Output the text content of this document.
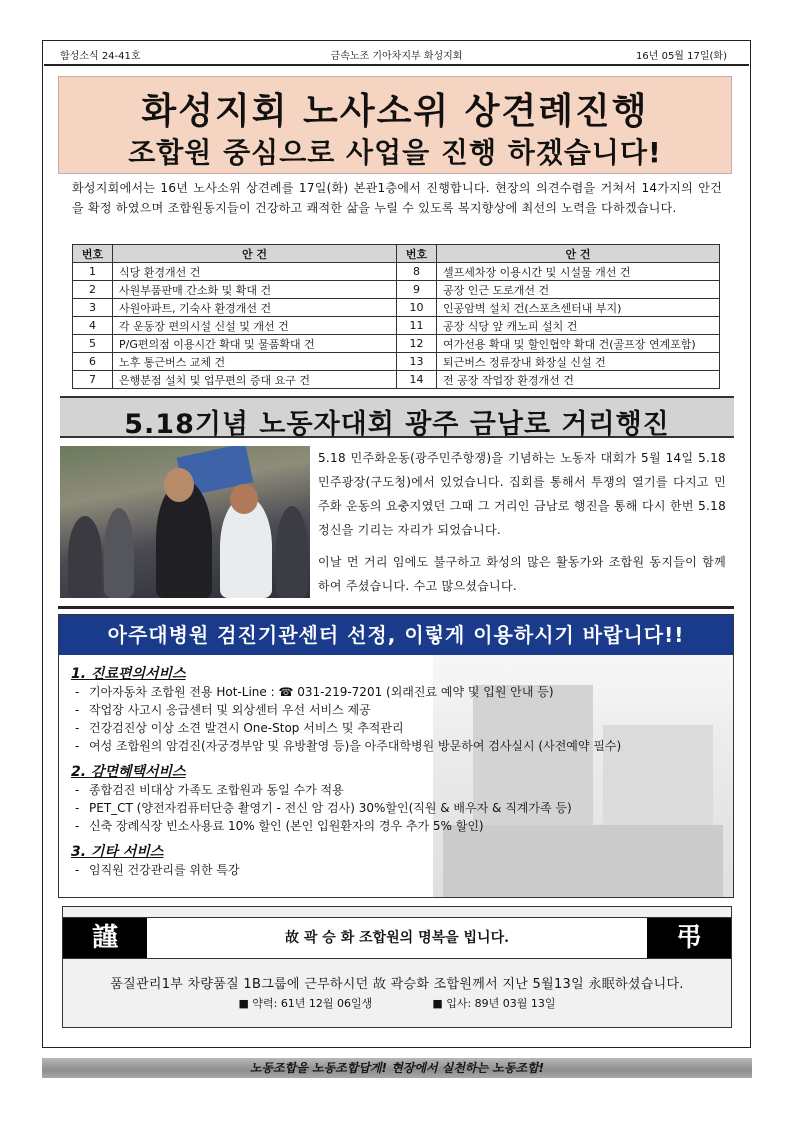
함성소식 24-41호	금속노조 기아차지부 화성지회	16년 05월 17일(화)
화성지회 노사소위 상견례진행
조합원 중심으로 사업을 진행 하겠습니다!

화성지회에서는 16년 노사소위 상견례를 17일(화) 본관1층에서 진행합니다. 현장의 의견수렴을 거쳐서 14가지의 안건을 확정 하였으며 조합원동지들이 건강하고 쾌적한 삶을 누릴 수 있도록 복지향상에 최선의 노력을 다하겠습니다.

번호	안 건	번호	안 건
1	식당 환경개선 건	8	셀프세차장 이용시간 및 시설물 개선 건
2	사원부품판매 간소화 및 확대 건	9	공장 인근 도로개선 건
3	사원아파트, 기숙사 환경개선 건	10	인공암벽 설치 건(스포츠센터내 부지)
4	각 운동장 편의시설 신설 및 개선 건	11	공장 식당 앞 캐노피 설치 건
5	P/G편의점 이용시간 확대 및 물품확대 건	12	여가선용 확대 및 할인협약 확대 건(골프장 연계포함)
6	노후 통근버스 교체 건	13	퇴근버스 정류장내 화장실 신설 건
7	은행분점 설치 및 업무편의 증대 요구 건	14	전 공장 작업장 환경개선 건
5.18기념 노동자대회 광주 금남로 거리행진

5.18 민주화운동(광주민주항쟁)을 기념하는 노동자 대회가 5월 14일 5.18민주광장(구도청)에서 있었습니다. 집회를 통해서 투쟁의 열기를 다지고 민주화 운동의 요충지였던 그때 그 거리인 금남로 행진을 통해 다시 한번 5.18정신을 기리는 자리가 되었습니다.

이날 먼 거리 임에도 불구하고 화성의 많은 활동가와 조합원 동지들이 함께하여 주셨습니다. 수고 많으셨습니다.

아주대병원 검진기관센터 선정, 이렇게 이용하시기 바랍니다!!
1. 진료편의서비스
- 기아자동차 조합원 전용 Hot-Line : ☎ 031-219-7201 (외래진료 예약 및 입원 안내 등)
- 작업장 사고시 응급센터 및 외상센터 우선 서비스 제공
- 건강검진상 이상 소견 발견시 One-Stop 서비스 및 추적관리
- 여성 조합원의 암검진(자궁경부암 및 유방촬영 등)을 아주대학병원 방문하여 검사실시 (사전예약 필수)
2. 감면혜택서비스
- 종합검진 비대상 가족도 조합원과 동일 수가 적용
- PET_CT (양전자컴퓨터단층 촬영기 - 전신 암 검사) 30%할인(직원 & 배우자 & 직계가족 등)
- 신축 장례식장 빈소사용료 10% 할인 (본인 입원환자의 경우 추가 5% 할인)
3. 기타 서비스
- 임직원 건강관리를 위한 특강
謹	故 곽 승 화 조합원의 명복을 빕니다.	弔
품질관리1부 차량품질 1B그룹에 근무하시던 故 곽승화 조합원께서 지난 5월13일 永眠하셨습니다.
■ 약력: 61년 12월 06일생	■ 입사: 89년 03월 13일
노동조합을 노동조합답게! 현장에서 실천하는 노동조합!
